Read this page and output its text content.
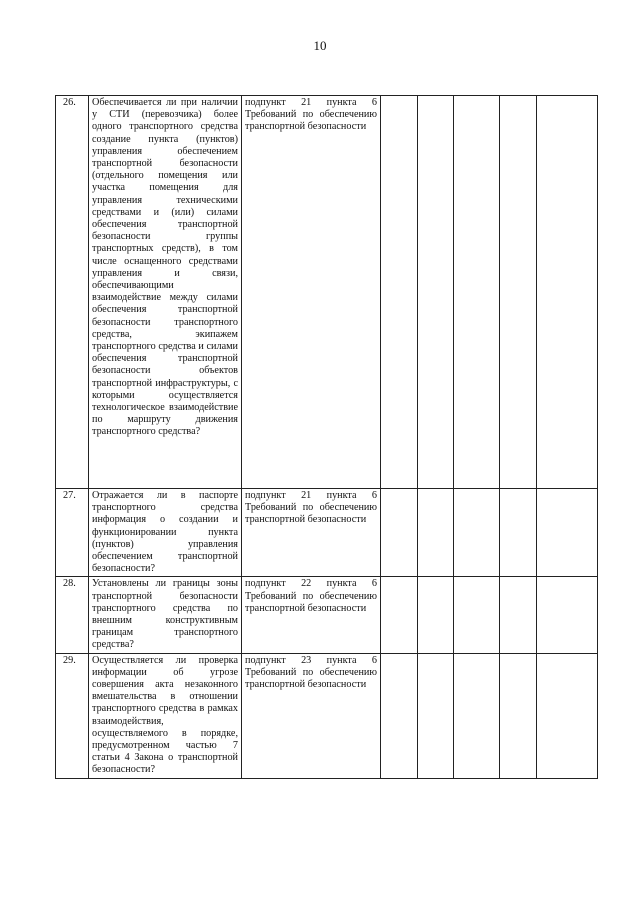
10
26.	Обеспечивается ли при наличии у СТИ (перевозчика) более одного транспортного средства создание пункта (пунктов) управления обеспечением транспортной безопасности (отдельного помещения или участка помещения для управления техническими средствами и (или) силами обеспечения транспортной безопасности группы транспортных средств), в том числе оснащенного средствами управления и связи, обеспечивающими взаимодействие между силами обеспечения транспортной безопасности транспортного средства, экипажем транспортного средства и силами обеспечения транспортной безопасности объектов транспортной инфраструктуры, с которыми осуществляется технологическое взаимодействие по маршруту движения транспортного средства?	подпункт 21 пункта 6 Требований по обеспечению транспортной безопасности					
27.	Отражается ли в паспорте транспортного средства информация о создании и функционировании пункта (пунктов) управления обеспечением транспортной безопасности?	подпункт 21 пункта 6 Требований по обеспечению транспортной безопасности					
28.	Установлены ли границы зоны транспортной безопасности транспортного средства по внешним конструктивным границам транспортного средства?	подпункт 22 пункта 6 Требований по обеспечению транспортной безопасности					
29.	Осуществляется ли проверка информации об угрозе совершения акта незаконного вмешательства в отношении транспортного средства в рамках взаимодействия, осуществляемого в порядке, предусмотренном частью 7 статьи 4 Закона о транспортной безопасности?	подпункт 23 пункта 6 Требований по обеспечению транспортной безопасности					
